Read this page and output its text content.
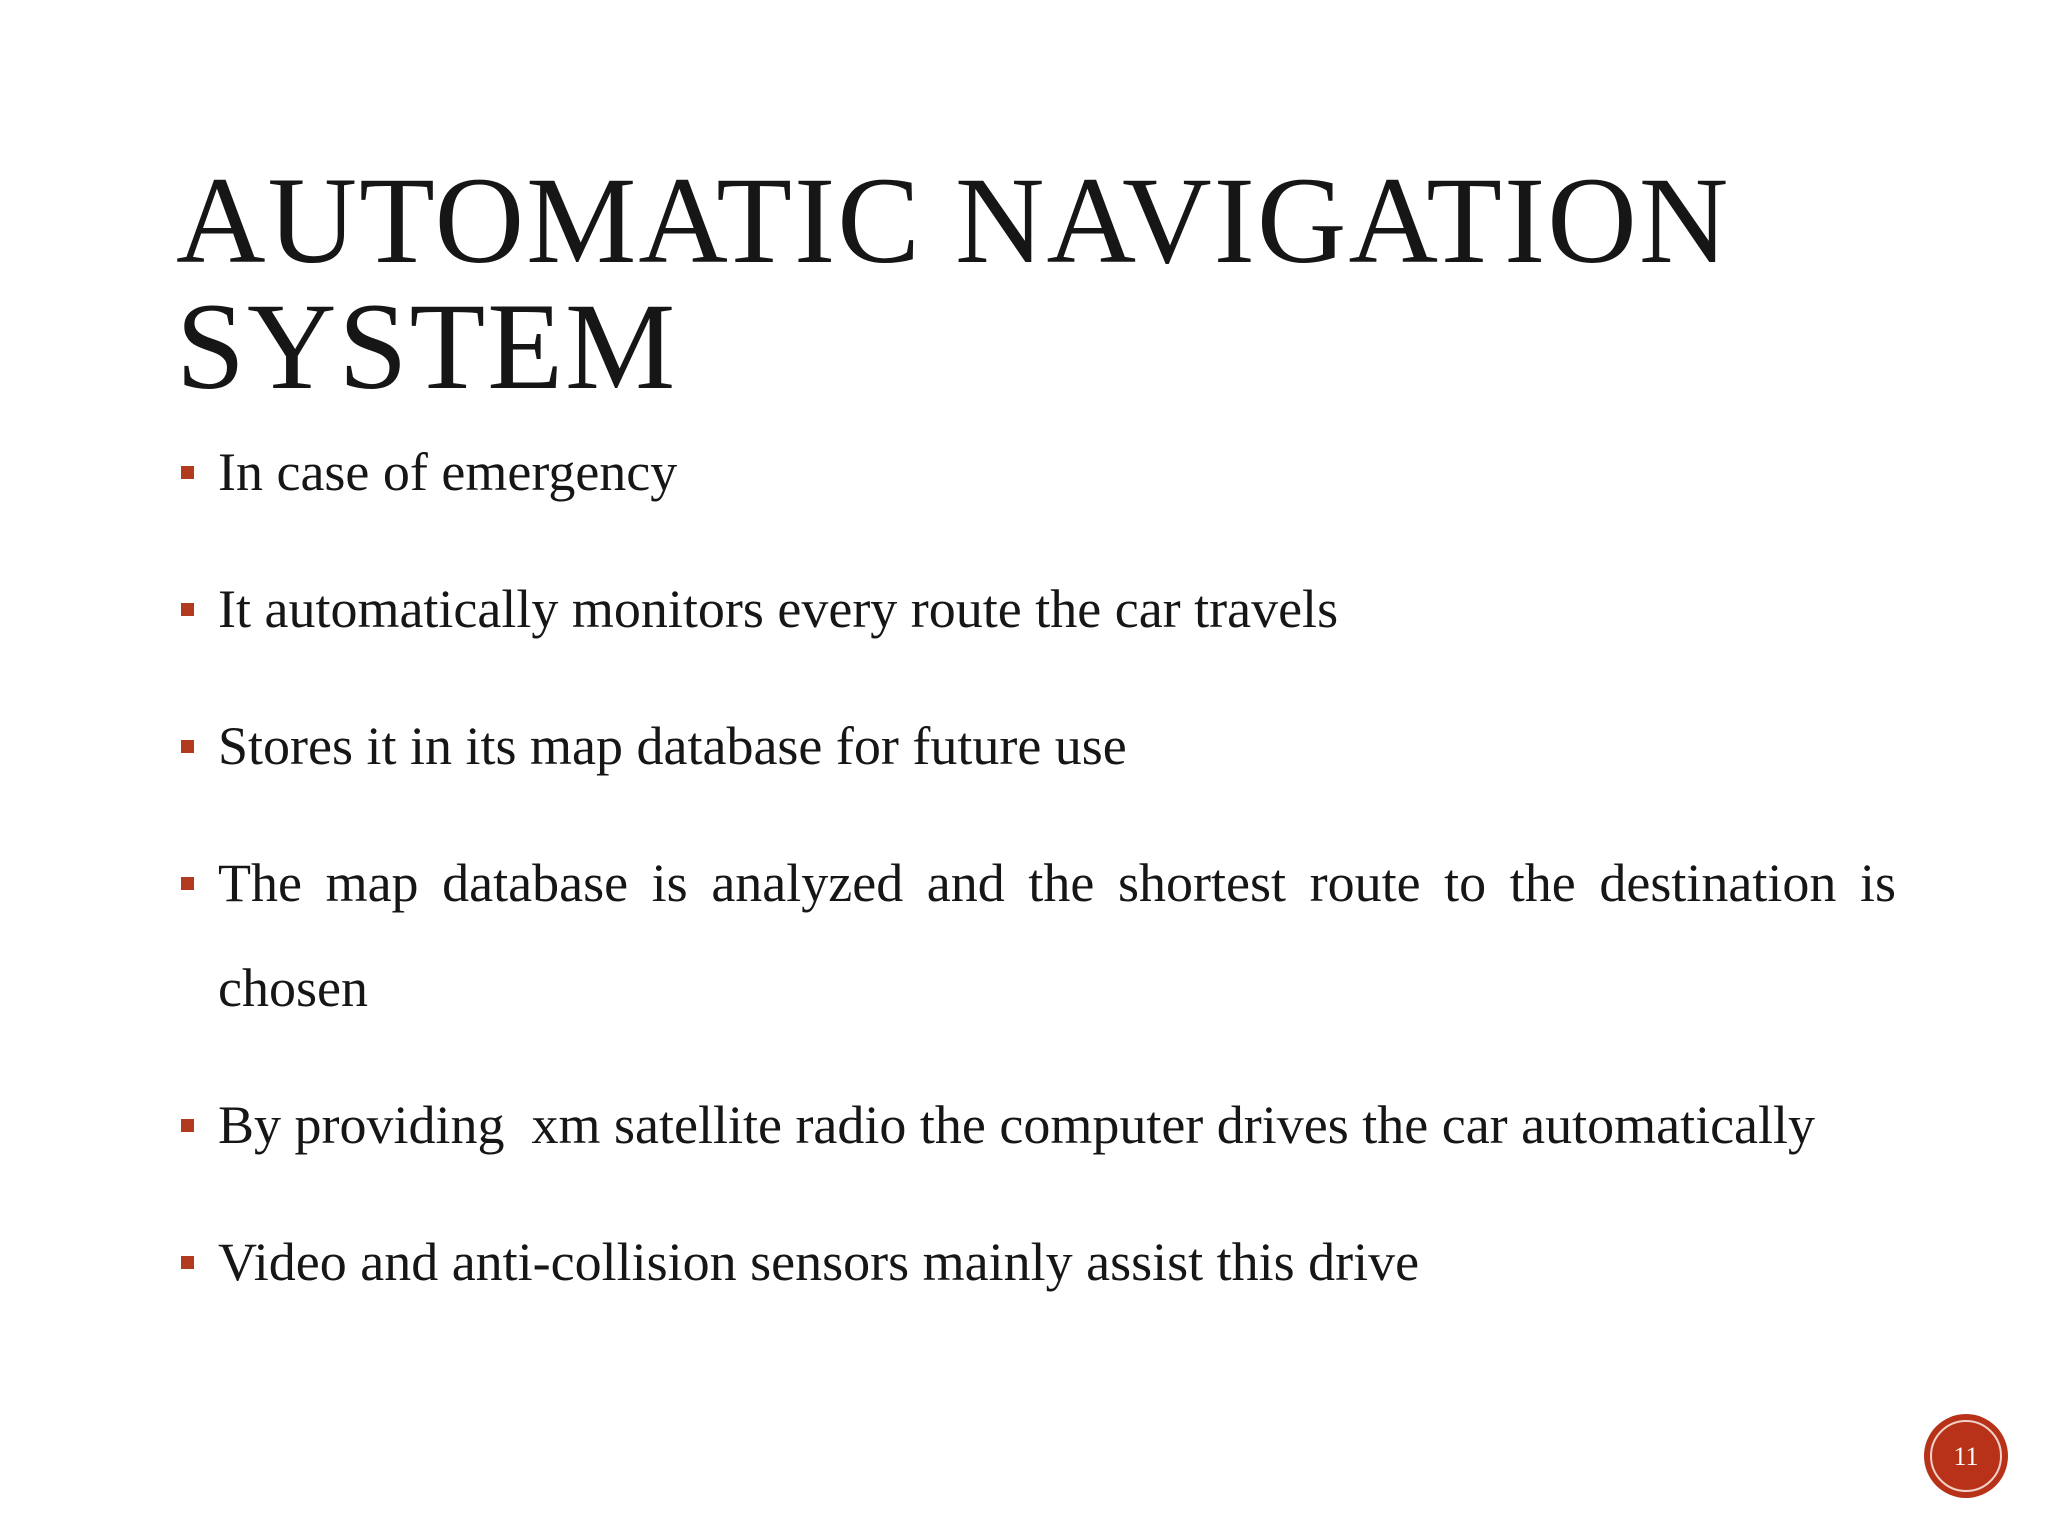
AUTOMATIC NAVIGATION
SYSTEM
In case of emergency
It automatically monitors every route the car travels
Stores it in its map database for future use
The map database is analyzed and the shortest route to the destination is chosen
By providing  xm satellite radio the computer drives the car automatically
Video and anti-collision sensors mainly assist this drive
11
